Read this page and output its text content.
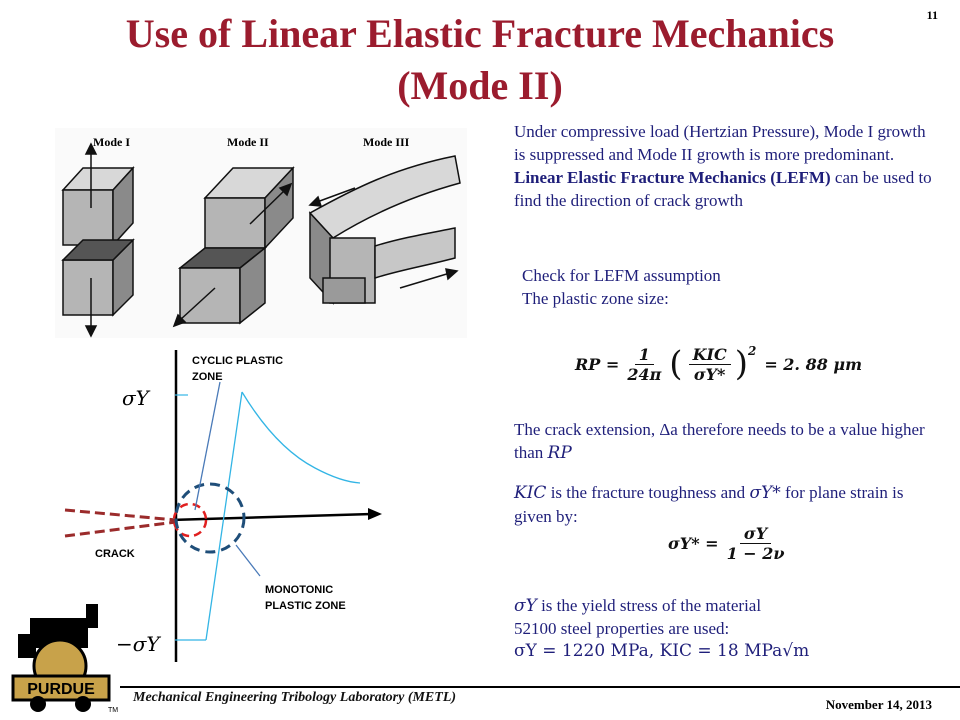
Use of Linear Elastic Fracture Mechanics
(Mode II)
11
Mode I	Mode II	Mode III
σY
−σY
CYCLIC PLASTIC
ZONE
CRACK
MONOTONIC
PLASTIC ZONE
Under compressive load (Hertzian Pressure), Mode I growth is suppressed and Mode II growth is more predominant. Linear Elastic Fracture Mechanics (LEFM) can be used to find the direction of crack growth
Check for LEFM assumption
The plastic zone size:
RP = $\frac{1}{24\pi}$ ( $\frac{\text{KIC}}{\sigma Y*} )^2$
= 2. 88 μm
The crack extension, Δa therefore needs to be a value higher than RP
KIC is the fracture toughness and σY* for plane strain is given by:
$\sigma Y* = \frac{\sigma Y}{1 - 2\nu}$
σY is the yield stress of the material
52100 steel properties are used:
σY = 1220 MPa, KIC = 18 MPa√m
PURDUE
TM
Mechanical Engineering Tribology Laboratory (METL)	November 14, 2013
